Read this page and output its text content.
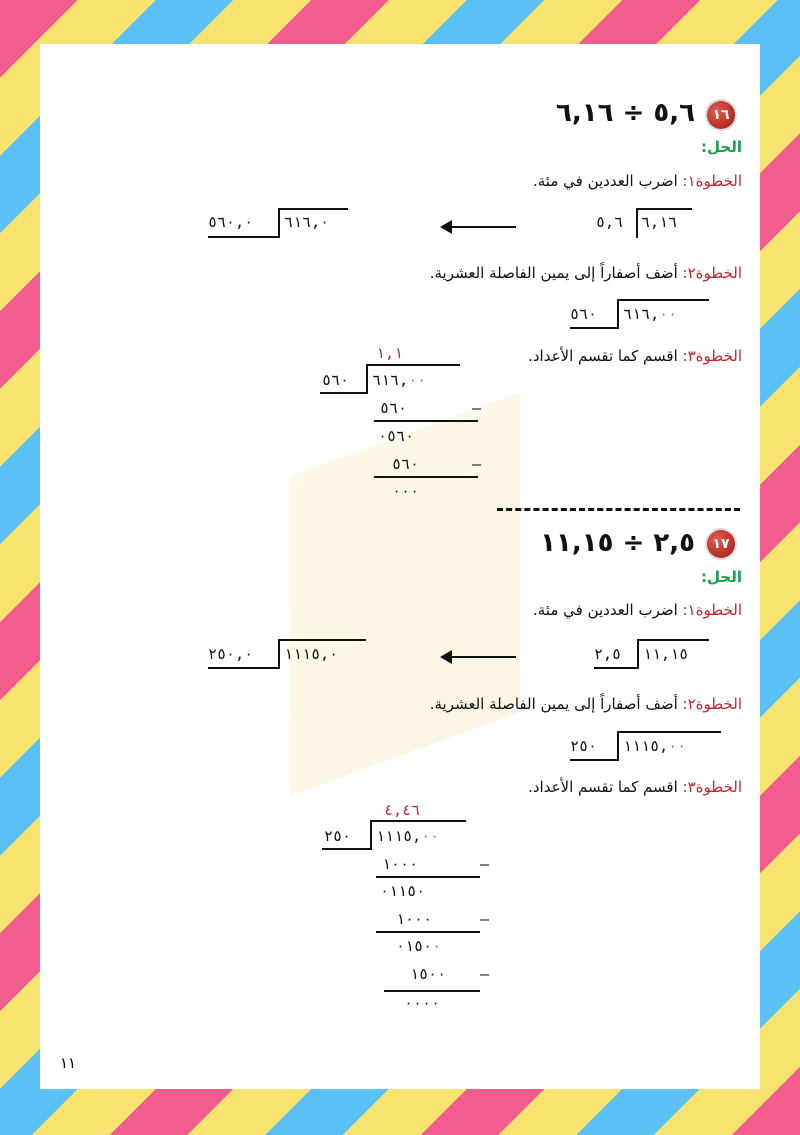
١٦
٥,٦ ÷ ٦,١٦
الحل:
الخطوة١: اضرب العددين في مئة.
٥,٦ ٦,١٦
٥٦٠,٠ ٦١٦,٠
الخطوة٢: أضف أصفاراً إلى يمين الفاصلة العشرية.
٥٦٠ ٦١٦,٠٠
الخطوة٣: اقسم كما تقسم الأعداد.
١,١
٥٦٠ ٦١٦,٠٠
٥٦٠	–
٠٥٦٠
٥٦٠	–
٠٠٠
١٧
٢,٥ ÷ ١١,١٥
الحل:
الخطوة١: اضرب العددين في مئة.
٢,٥ ١١,١٥
٢٥٠,٠ ١١١٥,٠
الخطوة٢: أضف أصفاراً إلى يمين الفاصلة العشرية.
٢٥٠ ١١١٥,٠٠
الخطوة٣: اقسم كما تقسم الأعداد.
٤,٤٦
٢٥٠ ١١١٥,٠٠
١٠٠٠	–
٠١١٥٠
١٠٠٠	–
٠١٥٠٠
١٥٠٠ –
٠٠٠٠
١١
